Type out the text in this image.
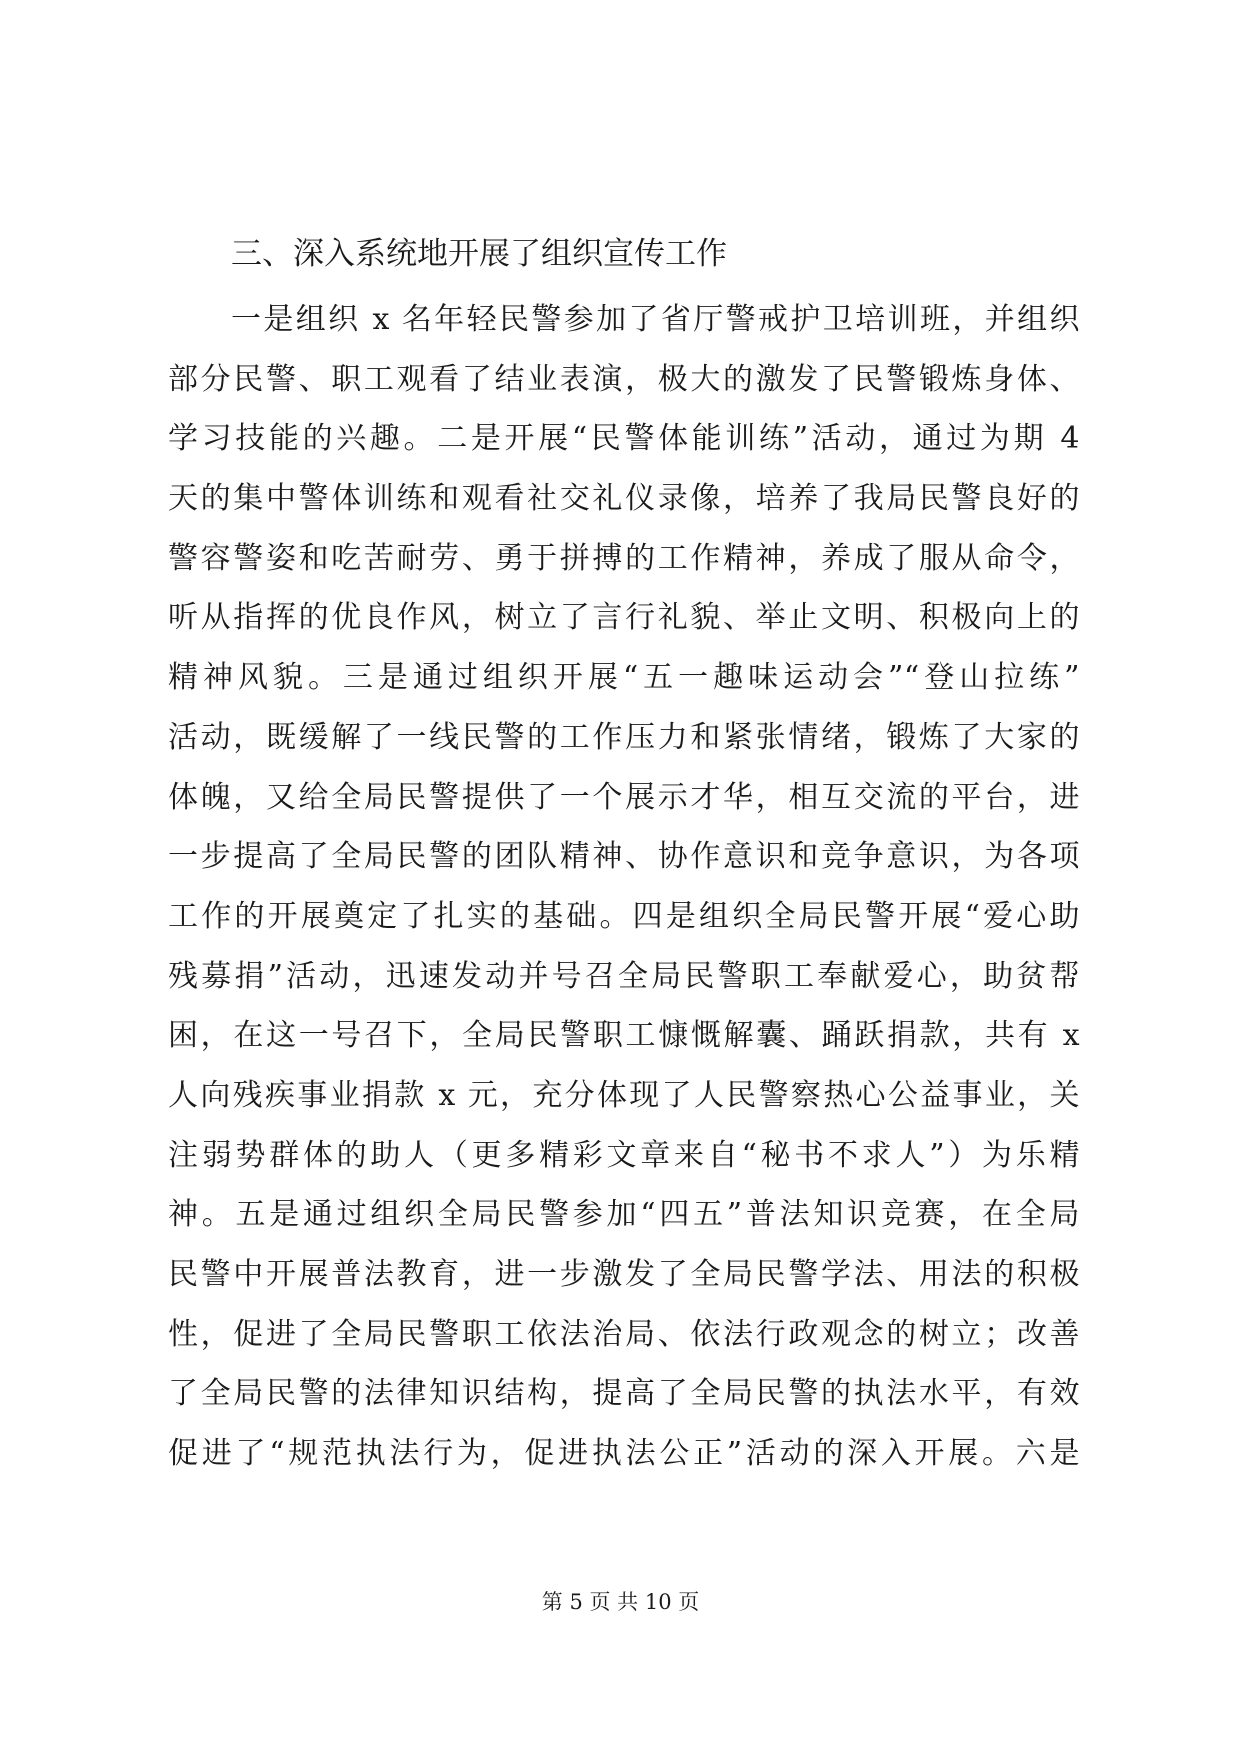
三、深入系统地开展了组织宣传工作
一是组织 x 名年轻民警参加了省厅警戒护卫培训班，并组织
部分民警、职工观看了结业表演，极大的激发了民警锻炼身体、
学习技能的兴趣。二是开展“民警体能训练”活动，通过为期 4
天的集中警体训练和观看社交礼仪录像，培养了我局民警良好的
警容警姿和吃苦耐劳、勇于拼搏的工作精神，养成了服从命令，
听从指挥的优良作风，树立了言行礼貌、举止文明、积极向上的
精神风貌。三是通过组织开展“五一趣味运动会”“登山拉练”
活动，既缓解了一线民警的工作压力和紧张情绪，锻炼了大家的
体魄，又给全局民警提供了一个展示才华，相互交流的平台，进
一步提高了全局民警的团队精神、协作意识和竞争意识，为各项
工作的开展奠定了扎实的基础。四是组织全局民警开展“爱心助
残募捐”活动，迅速发动并号召全局民警职工奉献爱心，助贫帮
困，在这一号召下，全局民警职工慷慨解囊、踊跃捐款，共有 x
人向残疾事业捐款 x 元，充分体现了人民警察热心公益事业，关
注弱势群体的助人（更多精彩文章来自“秘书不求人”）为乐精
神。五是通过组织全局民警参加“四五”普法知识竞赛，在全局
民警中开展普法教育，进一步激发了全局民警学法、用法的积极
性，促进了全局民警职工依法治局、依法行政观念的树立；改善
了全局民警的法律知识结构，提高了全局民警的执法水平，有效
促进了“规范执法行为，促进执法公正”活动的深入开展。六是
第 5 页 共 10 页
